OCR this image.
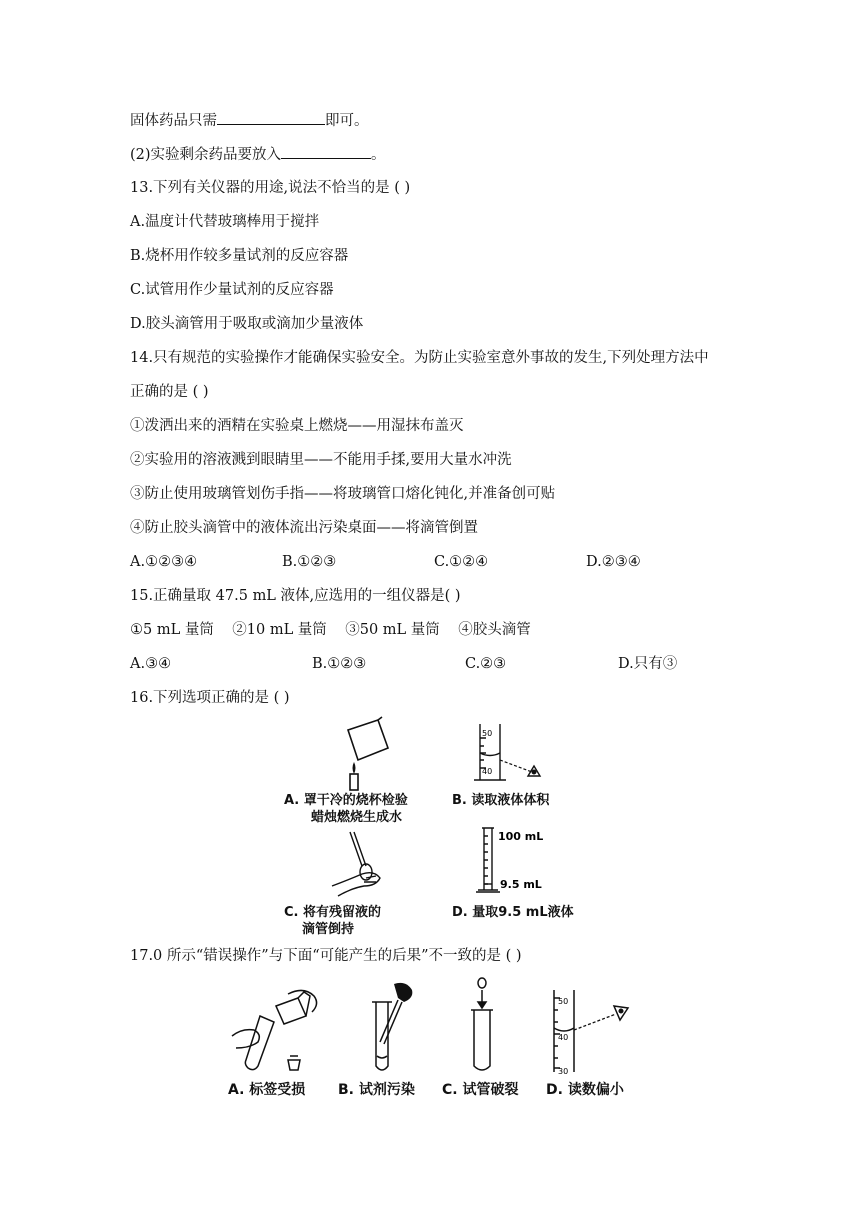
固体药品只需	即可。
(2)实验剩余药品要放入	。
13.下列有关仪器的用途,说法不恰当的是 ( )
A.温度计代替玻璃棒用于搅拌
B.烧杯用作较多量试剂的反应容器
C.试管用作少量试剂的反应容器
D.胶头滴管用于吸取或滴加少量液体
14.只有规范的实验操作才能确保实验安全。为防止实验室意外事故的发生,下列处理方法中
正确的是 ( )
①泼洒出来的酒精在实验桌上燃烧——用湿抹布盖灭
②实验用的溶液溅到眼睛里——不能用手揉,要用大量水冲洗
③防止使用玻璃管划伤手指——将玻璃管口熔化钝化,并准备创可贴
④防止胶头滴管中的液体流出污染桌面——将滴管倒置
A.①②③④	B.①②③	C.①②④	D.②③④
15.正确量取 47.5 mL 液体,应选用的一组仪器是( )
①5 mL 量筒    ②10 mL 量筒    ③50 mL 量筒    ④胶头滴管
A.③④	B.①②③	C.②③	D.只有③
16.下列选项正确的是 ( )
A. 罩干冷的烧杯检验
蜡烛燃烧生成水
50
40
B. 读取液体体积
C. 将有残留液的
滴管倒持
100 mL
9.5 mL
D. 量取9.5 mL液体
17.0 所示“错误操作”与下面“可能产生的后果”不一致的是 ( )
A. 标签受损 B. 试剂污染 C. 试管破裂
50
40
30
D. 读数偏小
